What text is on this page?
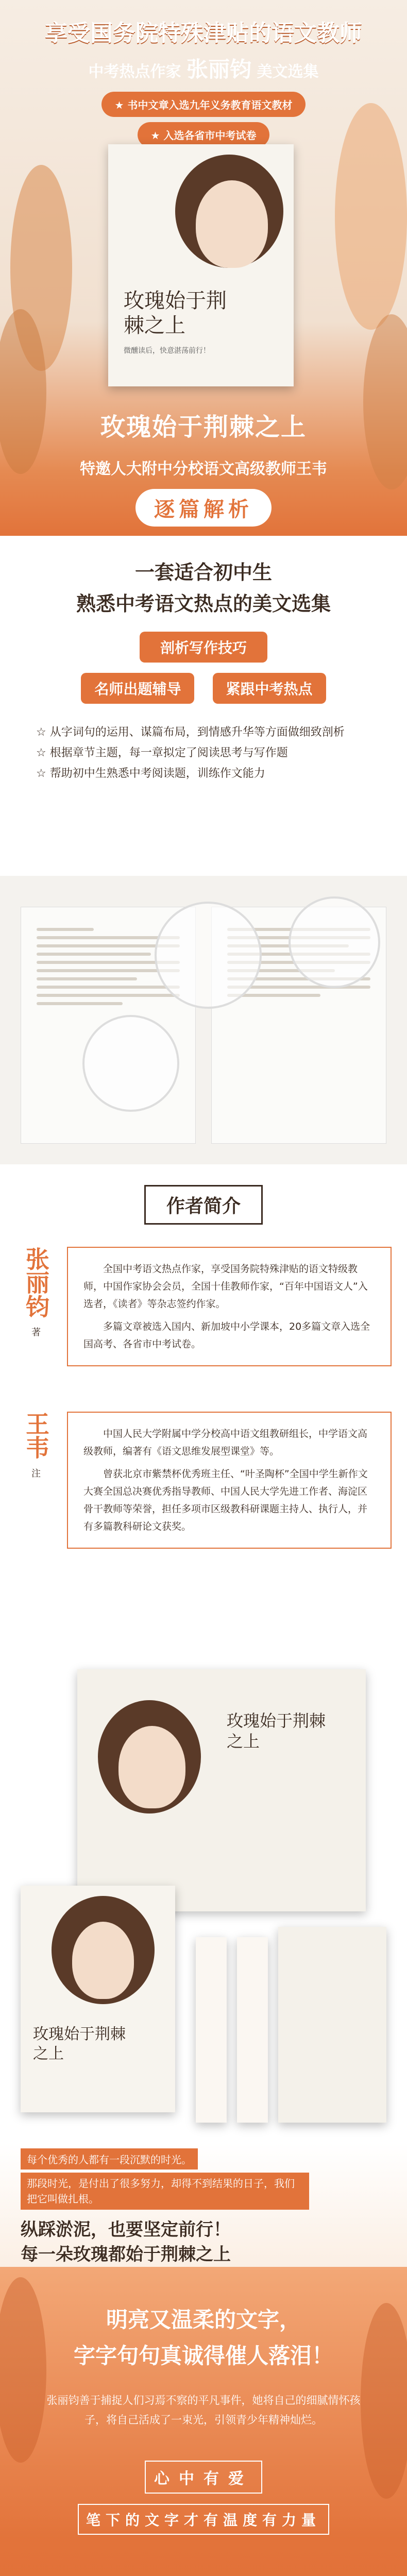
享受国务院特殊津贴的语文教师
中考热点作家 张丽钧 美文选集
★ 书中文章入选九年义务教育语文教材
★ 入选各省市中考试卷
玫瑰始于荆棘之上
微醺读后，快意湛荡前行！
玫瑰始于荆棘之上
特邀人大附中分校语文高级教师王韦
逐篇解析
一套适合初中生
熟悉中考语文热点的美文选集
剖析写作技巧
名师出题辅导	紧跟中考热点
☆ 从字词句的运用、谋篇布局，到情感升华等方面做细致剖析
☆ 根据章节主题，每一章拟定了阅读思考与写作题
☆ 帮助初中生熟悉中考阅读题，训练作文能力
作者简介
张丽钧
著
全国中考语文热点作家，享受国务院特殊津贴的语文特级教师，中国作家协会会员，全国十佳教师作家，“百年中国语文人”入选者，《读者》等杂志签约作家。
多篇文章被选入国内、新加坡中小学课本，20多篇文章入选全国高考、各省市中考试卷。
王韦
注
中国人民大学附属中学分校高中语文组教研组长，中学语文高级教师，编著有《语文思维发展型课堂》等。
曾获北京市紫禁杯优秀班主任、“叶圣陶杯”全国中学生新作文大赛全国总决赛优秀指导教师、中国人民大学先进工作者、海淀区骨干教师等荣誉，担任多项市区级教科研课题主持人、执行人，并有多篇教科研论文获奖。
玫瑰始于荆棘之上
玫瑰始于荆棘之上
每个优秀的人都有一段沉默的时光。
那段时光，是付出了很多努力，却得不到结果的日子，我们把它叫做扎根。
纵踩淤泥，也要坚定前行！
每一朵玫瑰都始于荆棘之上
明亮又温柔的文字，
字字句句真诚得催人落泪！
张丽钧善于捕捉人们习焉不察的平凡事件，她将自己的细腻情怀孩子，将自己活成了一束光，引领青少年精神灿烂。
心中有爱
笔下的文字才有温度有力量
